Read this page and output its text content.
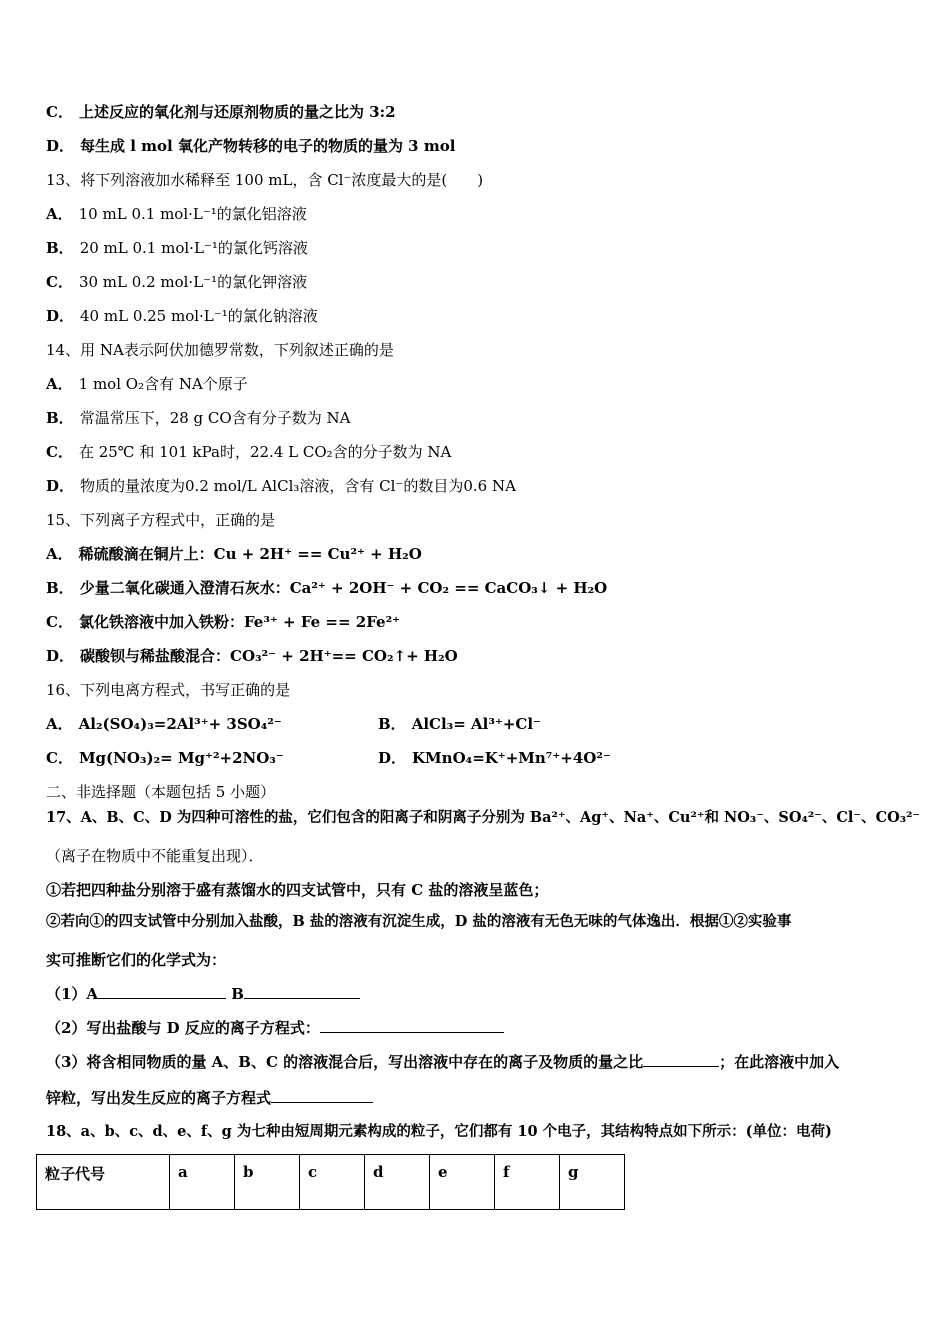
C． 上述反应的氧化剂与还原剂物质的量之比为 3:2
D． 每生成 l mol 氧化产物转移的电子的物质的量为 3 mol
13、将下列溶液加水稀释至 100 mL，含 Cl⁻浓度最大的是(　　)
A． 10 mL 0.1 mol·L⁻¹的氯化铝溶液
B． 20 mL 0.1 mol·L⁻¹的氯化钙溶液
C． 30 mL 0.2 mol·L⁻¹的氯化钾溶液
D． 40 mL 0.25 mol·L⁻¹的氯化钠溶液
14、用 NA表示阿伏加德罗常数，下列叙述正确的是
A． 1 mol O₂含有 NA个原子
B． 常温常压下，28 g CO含有分子数为 NA
C． 在 25℃ 和 101 kPa时，22.4 L CO₂含的分子数为 NA
D． 物质的量浓度为0.2 mol/L AlCl₃溶液，含有 Cl⁻的数目为0.6 NA
15、下列离子方程式中，正确的是
A． 稀硫酸滴在铜片上：Cu + 2H⁺ == Cu²⁺ + H₂O
B． 少量二氧化碳通入澄清石灰水：Ca²⁺ + 2OH⁻ + CO₂ == CaCO₃↓ + H₂O
C． 氯化铁溶液中加入铁粉：Fe³⁺ + Fe == 2Fe²⁺
D． 碳酸钡与稀盐酸混合：CO₃²⁻ + 2H⁺== CO₂↑+ H₂O
16、下列电离方程式，书写正确的是
A． Al₂(SO₄)₃=2Al³⁺+ 3SO₄²⁻	B． AlCl₃= Al³⁺+Cl⁻
C． Mg(NO₃)₂= Mg⁺²+2NO₃⁻	D． KMnO₄=K⁺+Mn⁷⁺+4O²⁻
二、非选择题（本题包括 5 小题）
17、A、B、C、D 为四种可溶性的盐，它们包含的阳离子和阴离子分别为 Ba²⁺、Ag⁺、Na⁺、Cu²⁺和 NO₃⁻、SO₄²⁻、Cl⁻、CO₃²⁻
（离子在物质中不能重复出现）．
①若把四种盐分别溶于盛有蒸馏水的四支试管中，只有 C 盐的溶液呈蓝色；
②若向①的四支试管中分别加入盐酸，B 盐的溶液有沉淀生成，D 盐的溶液有无色无味的气体逸出．根据①②实验事
实可推断它们的化学式为：
（1）A	B
（2）写出盐酸与 D 反应的离子方程式：
（3）将含相同物质的量 A、B、C 的溶液混合后，写出溶液中存在的离子及物质的量之比	；在此溶液中加入
锌粒，写出发生反应的离子方程式
18、a、b、c、d、e、f、g 为七种由短周期元素构成的粒子，它们都有 10 个电子，其结构特点如下所示：(单位：电荷)
粒子代号	a	b	c	d	e	f	g
